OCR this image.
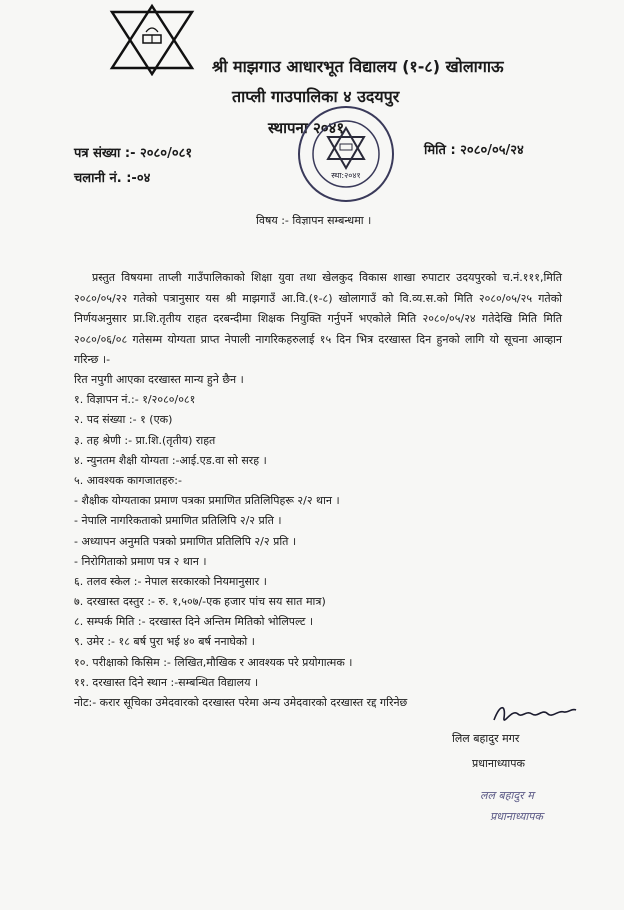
श्री माझगाउ आधारभूत विद्यालय (१-८) खोलागाऊ
ताप्ली गाउपालिका ४ उदयपुर
स्थापना २०४१
पत्र संख्या :- २०८०/०८१
चलानी नं. :-०४
मिति : २०८०/०५/२४
स्था:२०४१
विषय :- विज्ञापन सम्बन्धमा ।
प्रस्तुत विषयमा ताप्ली गाउँपालिकाको शिक्षा युवा तथा खेलकुद विकास शाखा रुपाटार उदयपुरको च.नं.१११,मिति २०८०/०५/२२ गतेको पत्रानुसार यस श्री माझगाउँ आ.वि.(१-८) खोलागाउँ को वि.व्य.स.को मिति २०८०/०५/२५ गतेको निर्णयअनुसार प्रा.शि.तृतीय राहत दरबन्दीमा शिक्षक नियुक्ति गर्नुपर्ने भएकोले मिति २०८०/०५/२४ गतेदेखि मिति मिति २०८०/०६/०८ गतेसम्म योग्यता प्राप्त नेपाली नागरिकहरुलाई १५ दिन भित्र दरखास्त दिन हुनको लागि यो सूचना आव्हान गरिन्छ ।-
रित नपुगी आएका दरखास्त मान्य हुने छैन ।
१. विज्ञापन नं.:- १/२०८०/०८१
२. पद संख्या :- १ (एक)
३. तह श्रेणी :- प्रा.शि.(तृतीय) राहत
४. न्युनतम शैक्षी योग्यता :-आई.एड.वा सो सरह ।
५. आवश्यक कागजातहरु:-
- शैक्षीक योग्यताका प्रमाण पत्रका प्रमाणित प्रतिलिपिहरू २/२ थान ।
- नेपालि नागरिकताको प्रमाणित प्रतिलिपि २/२ प्रति ।
- अध्यापन अनुमति पत्रको प्रमाणित प्रतिलिपि २/२ प्रति ।
- निरोगिताको प्रमाण पत्र २ थान ।
६. तलव स्केल :- नेपाल सरकारको नियमानुसार ।
७. दरखास्त दस्तुर :- रु. १,५०७/-एक हजार पांच सय सात मात्र)
८. सम्पर्क मिति :- दरखास्त दिने अन्तिम मितिको भोलिपल्ट ।
९. उमेर :- १८ बर्ष पुरा भई ४० बर्ष ननाघेको ।
१०. परीक्षाको किसिम :- लिखित,मौखिक र आवश्यक परे प्रयोगात्मक ।
११. दरखास्त दिने स्थान :-सम्बन्धित विद्यालय ।
नोट:- करार सूचिका उमेदवारको दरखास्त परेमा अन्य उमेदवारको दरखास्त रद्द गरिनेछ
लिल बहादुर मगर
प्रधानाध्यापक
लल बहादुर म
प्रधानाध्यापक
